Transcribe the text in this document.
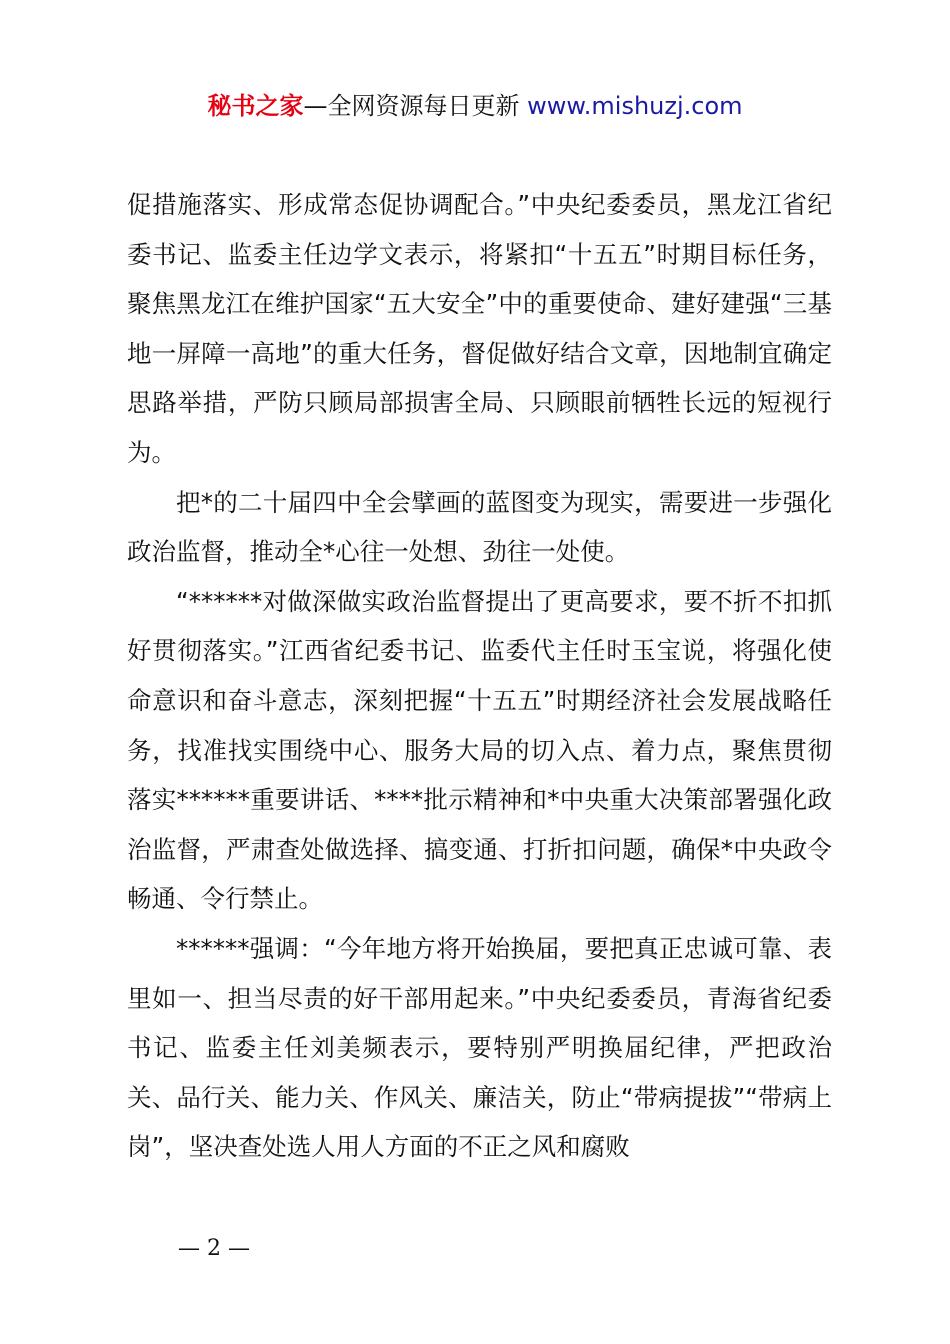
秘书之家—全网资源每日更新 www.mishuzj.com

促措施落实、形成常态促协调配合。”中央纪委委员，黑龙江省纪委书记、监委主任边学文表示，将紧扣“十五五”时期目标任务，聚焦黑龙江在维护国家“五大安全”中的重要使命、建好建强“三基地一屏障一高地”的重大任务，督促做好结合文章，因地制宜确定思路举措，严防只顾局部损害全局、只顾眼前牺牲长远的短视行为。

把*的二十届四中全会擘画的蓝图变为现实，需要进一步强化政治监督，推动全*心往一处想、劲往一处使。

“******对做深做实政治监督提出了更高要求，要不折不扣抓好贯彻落实。”江西省纪委书记、监委代主任时玉宝说，将强化使命意识和奋斗意志，深刻把握“十五五”时期经济社会发展战略任务，找准找实围绕中心、服务大局的切入点、着力点，聚焦贯彻落实******重要讲话、****批示精神和*中央重大决策部署强化政治监督，严肃查处做选择、搞变通、打折扣问题，确保*中央政令畅通、令行禁止。

******强调：“今年地方将开始换届，要把真正忠诚可靠、表里如一、担当尽责的好干部用起来。”中央纪委委员，青海省纪委书记、监委主任刘美频表示，要特别严明换届纪律，严把政治关、品行关、能力关、作风关、廉洁关，防止“带病提拔”“带病上岗”，坚决查处选人用人方面的不正之风和腐败

— 2 —
